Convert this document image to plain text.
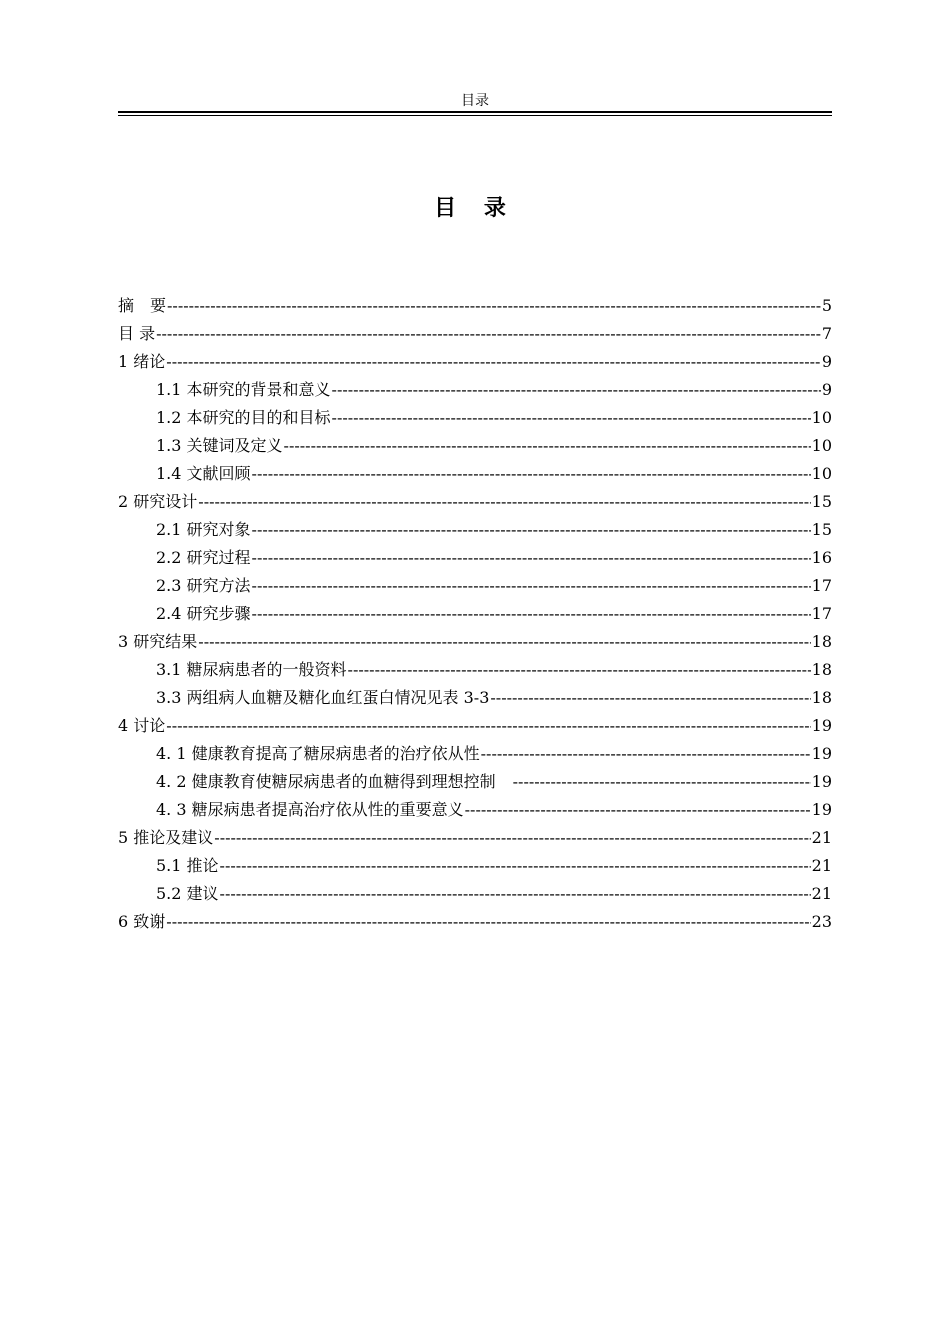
目录
目 录
摘　要 -----	5
目 录 -----	7
1 绪论 -----	9
1.1 本研究的背景和意义 -----	9
1.2 本研究的目的和目标 -----	10
1.3 关键词及定义 -----	10
1.4 文献回顾 -----	10
2 研究设计 -----	15
2.1 研究对象 -----	15
2.2 研究过程 -----	16
2.3 研究方法 -----	17
2.4 研究步骤 -----	17
3 研究结果 -----	18
3.1 糖尿病患者的一般资料 -----	18
3.3 两组病人血糖及糖化血红蛋白情况见表 3-3 -----	18
4 讨论 -----	19
4. 1 健康教育提高了糖尿病患者的治疗依从性 -----	19
4. 2 健康教育使糖尿病患者的血糖得到理想控制　 -----	19
4. 3 糖尿病患者提高治疗依从性的重要意义 -----	19
5 推论及建议 -----	21
5.1 推论 -----	21
5.2 建议 -----	21
6 致谢 -----	23
